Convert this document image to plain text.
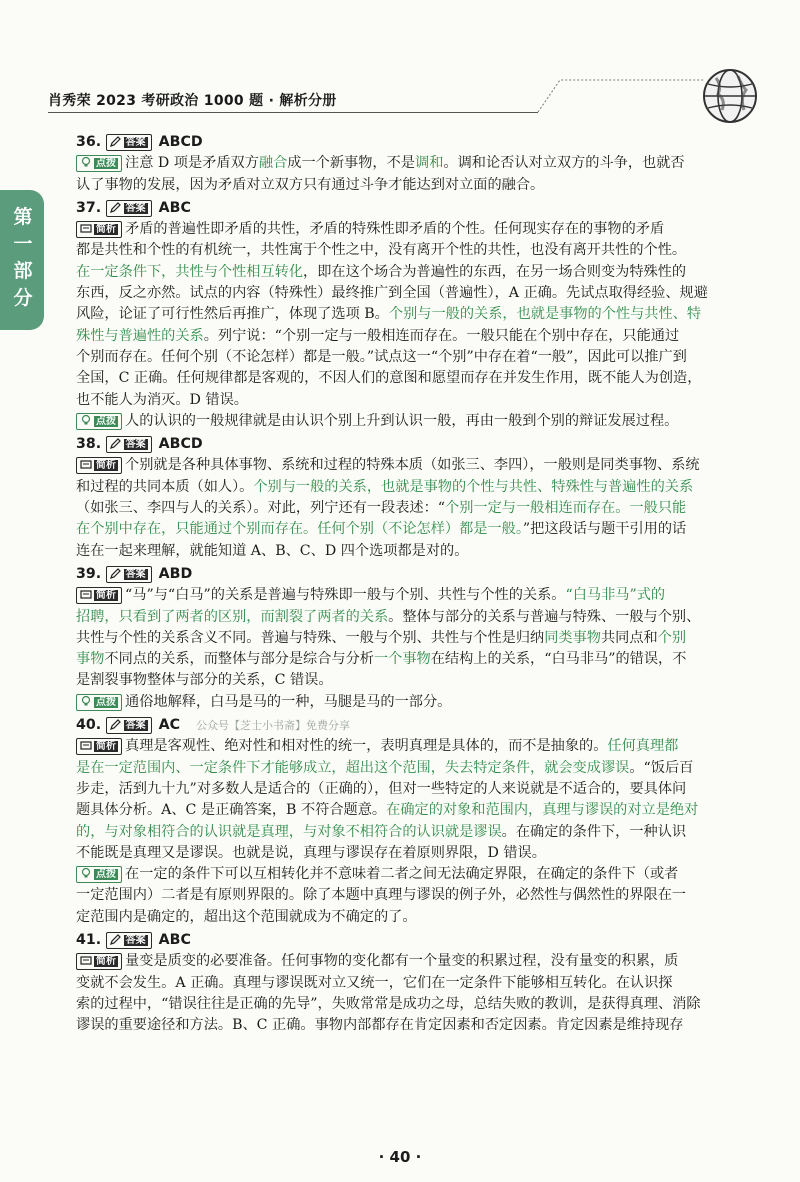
肖秀荣 2023 考研政治 1000 题 · 解析分册
第一部分
36. 答案 ABCD
点拨 注意 D 项是矛盾双方融合成一个新事物，不是调和。调和论否认对立双方的斗争，也就否
认了事物的发展，因为矛盾对立双方只有通过斗争才能达到对立面的融合。
37. 答案 ABC
简析 矛盾的普遍性即矛盾的共性，矛盾的特殊性即矛盾的个性。任何现实存在的事物的矛盾
都是共性和个性的有机统一，共性寓于个性之中，没有离开个性的共性，也没有离开共性的个性。
在一定条件下，共性与个性相互转化，即在这个场合为普遍性的东西，在另一场合则变为特殊性的
东西，反之亦然。试点的内容（特殊性）最终推广到全国（普遍性），A 正确。先试点取得经验、规避
风险，论证了可行性然后再推广，体现了选项 B。个别与一般的关系，也就是事物的个性与共性、特
殊性与普遍性的关系。列宁说：“个别一定与一般相连而存在。一般只能在个别中存在，只能通过
个别而存在。任何个别（不论怎样）都是一般。”试点这一“个别”中存在着“一般”，因此可以推广到
全国，C 正确。任何规律都是客观的，不因人们的意图和愿望而存在并发生作用，既不能人为创造，
也不能人为消灭。D 错误。
点拨 人的认识的一般规律就是由认识个别上升到认识一般，再由一般到个别的辩证发展过程。
38. 答案 ABCD
简析 个别就是各种具体事物、系统和过程的特殊本质（如张三、李四），一般则是同类事物、系统
和过程的共同本质（如人）。个别与一般的关系，也就是事物的个性与共性、特殊性与普遍性的关系
（如张三、李四与人的关系）。对此，列宁还有一段表述：“个别一定与一般相连而存在。一般只能
在个别中存在，只能通过个别而存在。任何个别（不论怎样）都是一般。”把这段话与题干引用的话
连在一起来理解，就能知道 A、B、C、D 四个选项都是对的。
39. 答案 ABD
简析 “马”与“白马”的关系是普遍与特殊即一般与个别、共性与个性的关系。“白马非马”式的
招聘，只看到了两者的区别，而割裂了两者的关系。整体与部分的关系与普遍与特殊、一般与个别、
共性与个性的关系含义不同。普遍与特殊、一般与个别、共性与个性是归纳同类事物共同点和个别
事物不同点的关系，而整体与部分是综合与分析一个事物在结构上的关系，“白马非马”的错误，不
是割裂事物整体与部分的关系，C 错误。
点拨 通俗地解释，白马是马的一种，马腿是马的一部分。
40. 答案 AC 公众号【芝士小书斋】免费分享
简析 真理是客观性、绝对性和相对性的统一，表明真理是具体的，而不是抽象的。任何真理都
是在一定范围内、一定条件下才能够成立，超出这个范围，失去特定条件，就会变成谬误。“饭后百
步走，活到九十九”对多数人是适合的（正确的），但对一些特定的人来说就是不适合的，要具体问
题具体分析。A、C 是正确答案，B 不符合题意。在确定的对象和范围内，真理与谬误的对立是绝对
的，与对象相符合的认识就是真理，与对象不相符合的认识就是谬误。在确定的条件下，一种认识
不能既是真理又是谬误。也就是说，真理与谬误存在着原则界限，D 错误。
点拨 在一定的条件下可以互相转化并不意味着二者之间无法确定界限，在确定的条件下（或者
一定范围内）二者是有原则界限的。除了本题中真理与谬误的例子外，必然性与偶然性的界限在一
定范围内是确定的，超出这个范围就成为不确定的了。
41. 答案 ABC
简析 量变是质变的必要准备。任何事物的变化都有一个量变的积累过程，没有量变的积累，质
变就不会发生。A 正确。真理与谬误既对立又统一，它们在一定条件下能够相互转化。在认识探
索的过程中，“错误往往是正确的先导”，失败常常是成功之母，总结失败的教训，是获得真理、消除
谬误的重要途径和方法。B、C 正确。事物内部都存在肯定因素和否定因素。肯定因素是维持现存
· 40 ·
